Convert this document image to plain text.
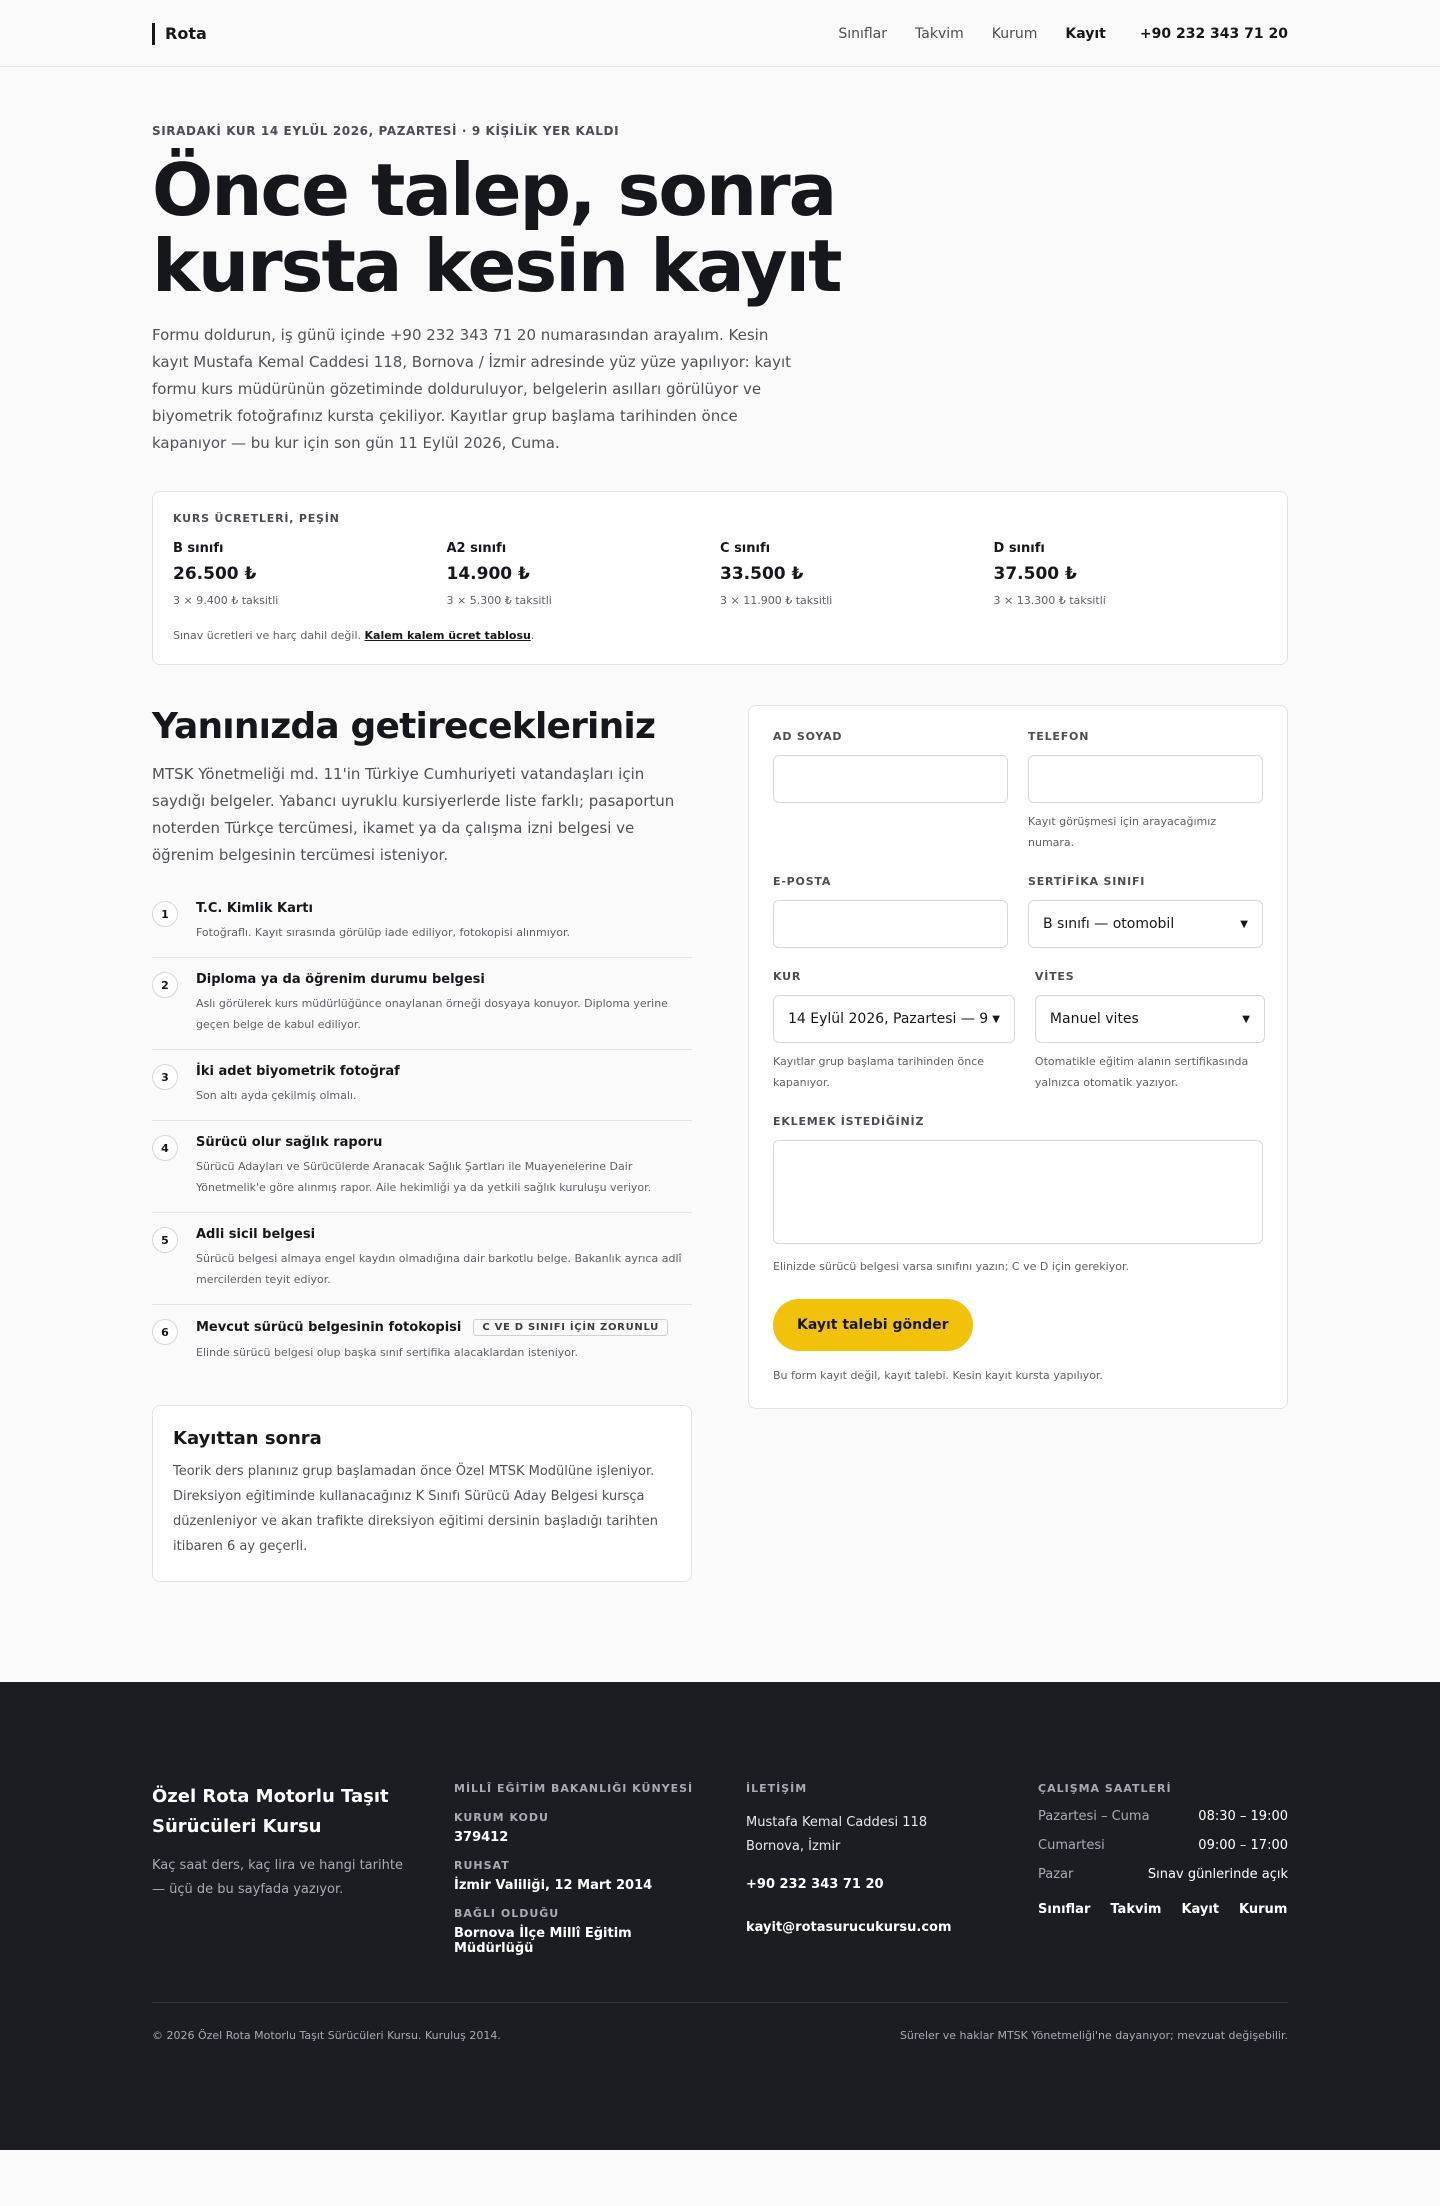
Rota	Sınıflar Takvim Kurum Kayıt +90 232 343 71 20
SIRADAKİ KUR 14 EYLÜL 2026, PAZARTESİ · 9 KİŞİLİK YER KALDI
Önce talep, sonra kursta kesin kayıt

Formu doldurun, iş günü içinde +90 232 343 71 20 numarasından arayalım. Kesin kayıt Mustafa Kemal Caddesi 118, Bornova / İzmir adresinde yüz yüze yapılıyor: kayıt formu kurs müdürünün gözetiminde dolduruluyor, belgelerin asılları görülüyor ve biyometrik fotoğrafınız kursta çekiliyor. Kayıtlar grup başlama tarihinden önce kapanıyor — bu kur için son gün 11 Eylül 2026, Cuma.

KURS ÜCRETLERİ, PEŞİN
B sınıfı
26.500 ₺
3 × 9.400 ₺ taksitli
A2 sınıfı
14.900 ₺
3 × 5.300 ₺ taksitli
C sınıfı
33.500 ₺
3 × 11.900 ₺ taksitli
D sınıfı
37.500 ₺
3 × 13.300 ₺ taksitli
Sınav ücretleri ve harç dahil değil. Kalem kalem ücret tablosu.
Yanınızda getirecekleriniz

MTSK Yönetmeliği md. 11'in Türkiye Cumhuriyeti vatandaşları için saydığı belgeler. Yabancı uyruklu kursiyerlerde liste farklı; pasaportun noterden Türkçe tercümesi, ikamet ya da çalışma izni belgesi ve öğrenim belgesinin tercümesi isteniyor.

1	T.C. Kimlik Kartı
Fotoğraflı. Kayıt sırasında görülüp iade ediliyor, fotokopisi alınmıyor.
2	Diploma ya da öğrenim durumu belgesi
Aslı görülerek kurs müdürlüğünce onaylanan örneği dosyaya konuyor. Diploma yerine geçen belge de kabul ediliyor.
3	İki adet biyometrik fotoğraf
Son altı ayda çekilmiş olmalı.
4	Sürücü olur sağlık raporu
Sürücü Adayları ve Sürücülerde Aranacak Sağlık Şartları ile Muayenelerine Dair Yönetmelik'e göre alınmış rapor. Aile hekimliği ya da yetkili sağlık kuruluşu veriyor.
5	Adli sicil belgesi
Sürücü belgesi almaya engel kaydın olmadığına dair barkotlu belge. Bakanlık ayrıca adlî mercilerden teyit ediyor.
6	Mevcut sürücü belgesinin fotokopisi	C VE D SINIFI İÇİN ZORUNLU
Elinde sürücü belgesi olup başka sınıf sertifika alacaklardan isteniyor.
Kayıttan sonra

Teorik ders planınız grup başlamadan önce Özel MTSK Modülüne işleniyor. Direksiyon eğitiminde kullanacağınız K Sınıfı Sürücü Aday Belgesi kursça düzenleniyor ve akan trafikte direksiyon eğitimi dersinin başladığı tarihten itibaren 6 ay geçerli.

AD SOYAD	TELEFON
Kayıt görüşmesi için arayacağımız numara.
E-POSTA	SERTİFİKA SINIFI
B sınıfı — otomobil	▼
KUR
14 Eylül 2026, Pazartesi — 9 ▼
Kayıtlar grup başlama tarihinden önce kapanıyor.
VİTES
Manuel vites	▼
Otomatikle eğitim alanın sertifikasında yalnızca otomatik yazıyor.
EKLEMEK İSTEDİĞİNİZ
Elinizde sürücü belgesi varsa sınıfını yazın; C ve D için gerekiyor.
Kayıt talebi gönder
Bu form kayıt değil, kayıt talebi. Kesin kayıt kursta yapılıyor.
Özel Rota Motorlu Taşıt Sürücüleri Kursu
Kaç saat ders, kaç lira ve hangi tarihte — üçü de bu sayfada yazıyor.
MİLLÎ EĞİTİM BAKANLIĞI KÜNYESİ
KURUM KODU
379412
RUHSAT
İzmir Valiliği, 12 Mart 2014
BAĞLI OLDUĞU
Bornova İlçe Millî Eğitim Müdürlüğü
İLETİŞİM
Mustafa Kemal Caddesi 118 Bornova, İzmir
+90 232 343 71 20
kayit@rotasurucukursu.com
ÇALIŞMA SAATLERİ
Pazartesi – Cuma	08:30 – 19:00
Cumartesi	09:00 – 17:00
Pazar	Sınav günlerinde açık
Sınıflar Takvim Kayıt Kurum
© 2026 Özel Rota Motorlu Taşıt Sürücüleri Kursu. Kuruluş 2014.	Süreler ve haklar MTSK Yönetmeliği'ne dayanıyor; mevzuat değişebilir.
